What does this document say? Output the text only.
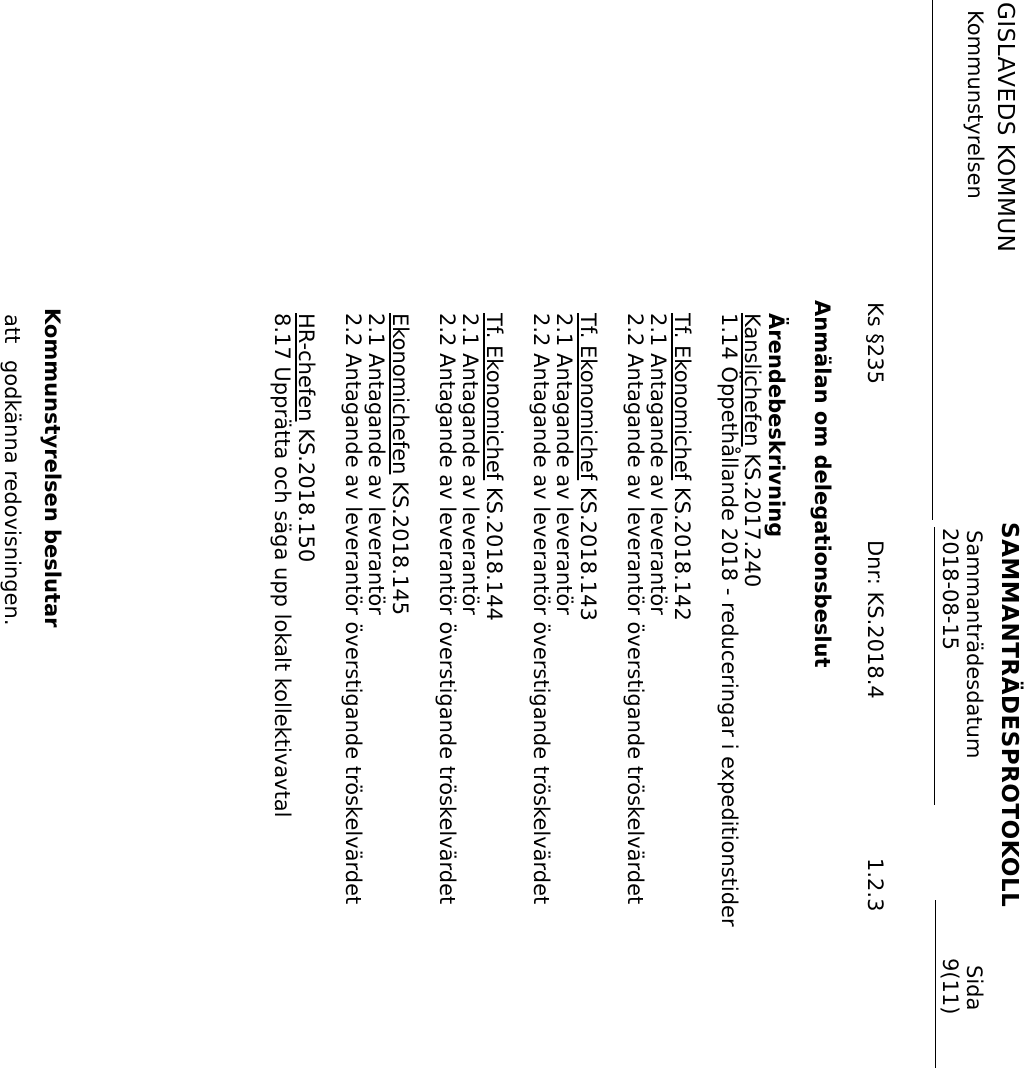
GISLAVEDS KOMMUN
SAMMANTRÄDESPROTOKOLL
Kommunstyrelsen
Sammanträdesdatum
Sida
2018-08-15
9(11)
Ks §235
Dnr: KS.2018.4
1.2.3
Anmälan om delegationsbeslut
Ärendebeskrivning
Kanslichefen KS.2017.240
1.14 Öppethållande 2018 - reduceringar i expeditionstider
Tf. Ekonomichef KS.2018.142
2.1 Antagande av leverantör
2.2 Antagande av leverantör överstigande tröskelvärdet
Tf. Ekonomichef KS.2018.143
2.1 Antagande av leverantör
2.2 Antagande av leverantör överstigande tröskelvärdet
Tf. Ekonomichef KS.2018.144
2.1 Antagande av leverantör
2.2 Antagande av leverantör överstigande tröskelvärdet
Ekonomichefen KS.2018.145
2.1 Antagande av leverantör
2.2 Antagande av leverantör överstigande tröskelvärdet
HR-chefen KS.2018.150
8.17 Upprätta och säga upp lokalt kollektivavtal
Kommunstyrelsen beslutar
att
godkänna redovisningen.
